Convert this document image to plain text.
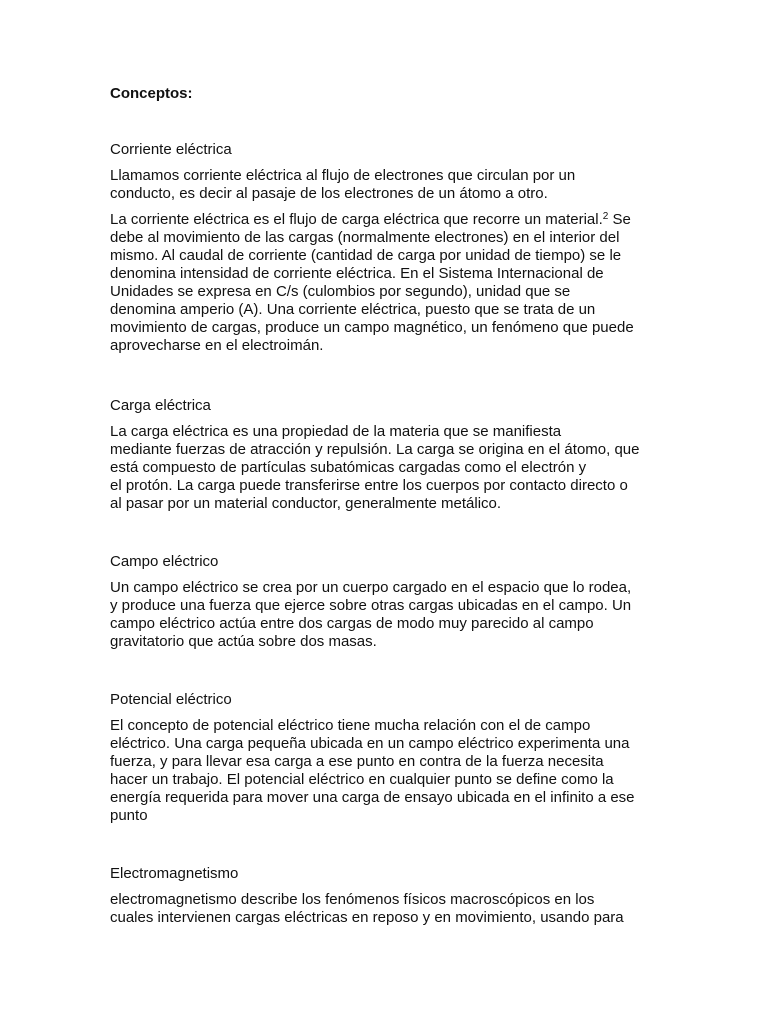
Conceptos:
Corriente eléctrica

Llamamos corriente eléctrica al flujo de electrones que circulan por un
conducto, es decir al pasaje de los electrones de un átomo a otro.

La corriente eléctrica es el flujo de carga eléctrica que recorre un material.$^2$ Se
debe al movimiento de las cargas (normalmente electrones) en el interior del
mismo. Al caudal de corriente (cantidad de carga por unidad de tiempo) se le
denomina intensidad de corriente eléctrica. En el Sistema Internacional de
Unidades se expresa en C/s (culombios por segundo), unidad que se
denomina amperio (A). Una corriente eléctrica, puesto que se trata de un
movimiento de cargas, produce un campo magnético, un fenómeno que puede
aprovecharse en el electroimán.

Carga eléctrica

La carga eléctrica es una propiedad de la materia que se manifiesta
mediante fuerzas de atracción y repulsión. La carga se origina en el átomo, que
está compuesto de partículas subatómicas cargadas como el electrón y
el protón. La carga puede transferirse entre los cuerpos por contacto directo o
al pasar por un material conductor, generalmente metálico.

Campo eléctrico

Un campo eléctrico se crea por un cuerpo cargado en el espacio que lo rodea,
y produce una fuerza que ejerce sobre otras cargas ubicadas en el campo. Un
campo eléctrico actúa entre dos cargas de modo muy parecido al campo
gravitatorio que actúa sobre dos masas.

Potencial eléctrico

El concepto de potencial eléctrico tiene mucha relación con el de campo
eléctrico. Una carga pequeña ubicada en un campo eléctrico experimenta una
fuerza, y para llevar esa carga a ese punto en contra de la fuerza necesita
hacer un trabajo. El potencial eléctrico en cualquier punto se define como la
energía requerida para mover una carga de ensayo ubicada en el infinito a ese
punto

Electromagnetismo

electromagnetismo describe los fenómenos físicos macroscópicos en los
cuales intervienen cargas eléctricas en reposo y en movimiento, usando para
